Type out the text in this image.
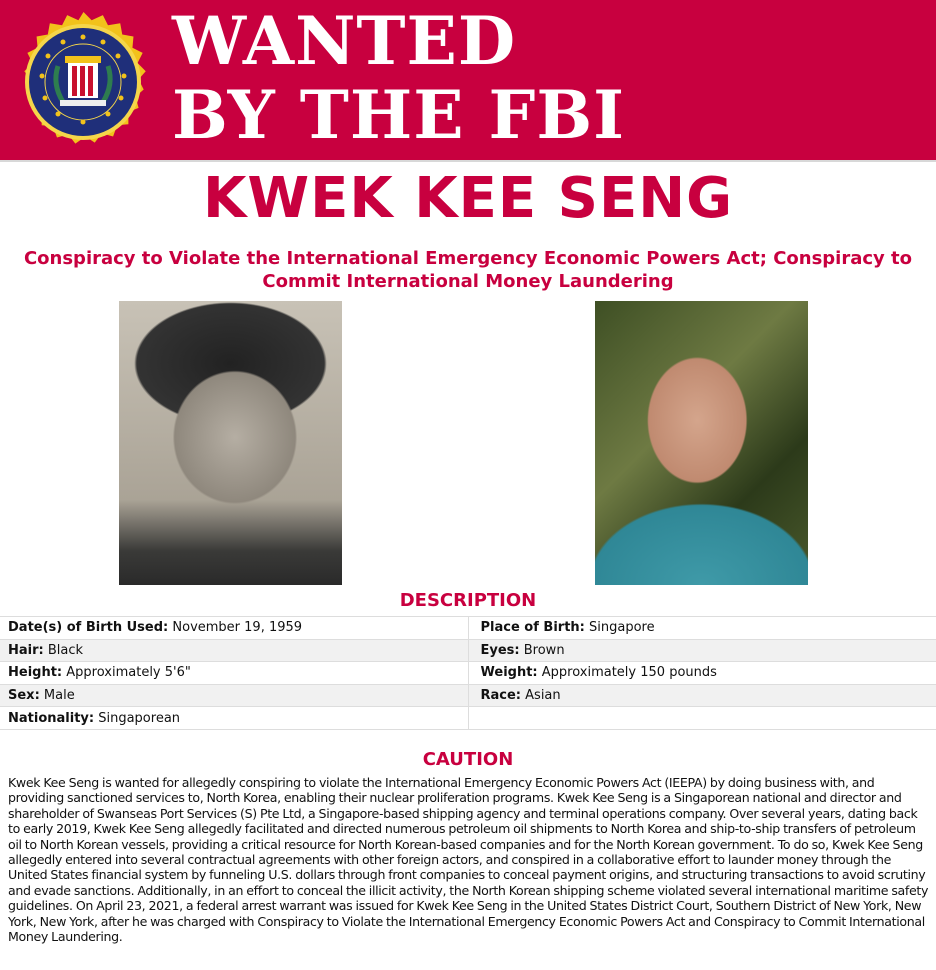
WANTED
BY THE FBI
KWEK KEE SENG
Conspiracy to Violate the International Emergency Economic Powers Act; Conspiracy to Commit International Money Laundering
DESCRIPTION
Date(s) of Birth Used: November 19, 1959	Place of Birth: Singapore
Hair: Black	Eyes: Brown
Height: Approximately 5'6"	Weight: Approximately 150 pounds
Sex: Male	Race: Asian
Nationality: Singaporean	
CAUTION

Kwek Kee Seng is wanted for allegedly conspiring to violate the International Emergency Economic Powers Act (IEEPA) by doing business with, and providing sanctioned services to, North Korea, enabling their nuclear proliferation programs. Kwek Kee Seng is a Singaporean national and director and shareholder of Swanseas Port Services (S) Pte Ltd, a Singapore-based shipping agency and terminal operations company. Over several years, dating back to early 2019, Kwek Kee Seng allegedly facilitated and directed numerous petroleum oil shipments to North Korea and ship-to-ship transfers of petroleum oil to North Korean vessels, providing a critical resource for North Korean-based companies and for the North Korean government. To do so, Kwek Kee Seng allegedly entered into several contractual agreements with other foreign actors, and conspired in a collaborative effort to launder money through the United States financial system by funneling U.S. dollars through front companies to conceal payment origins, and structuring transactions to avoid scrutiny and evade sanctions. Additionally, in an effort to conceal the illicit activity, the North Korean shipping scheme violated several international maritime safety guidelines. On April 23, 2021, a federal arrest warrant was issued for Kwek Kee Seng in the United States District Court, Southern District of New York, New York, New York, after he was charged with Conspiracy to Violate the International Emergency Economic Powers Act and Conspiracy to Commit International Money Laundering.
